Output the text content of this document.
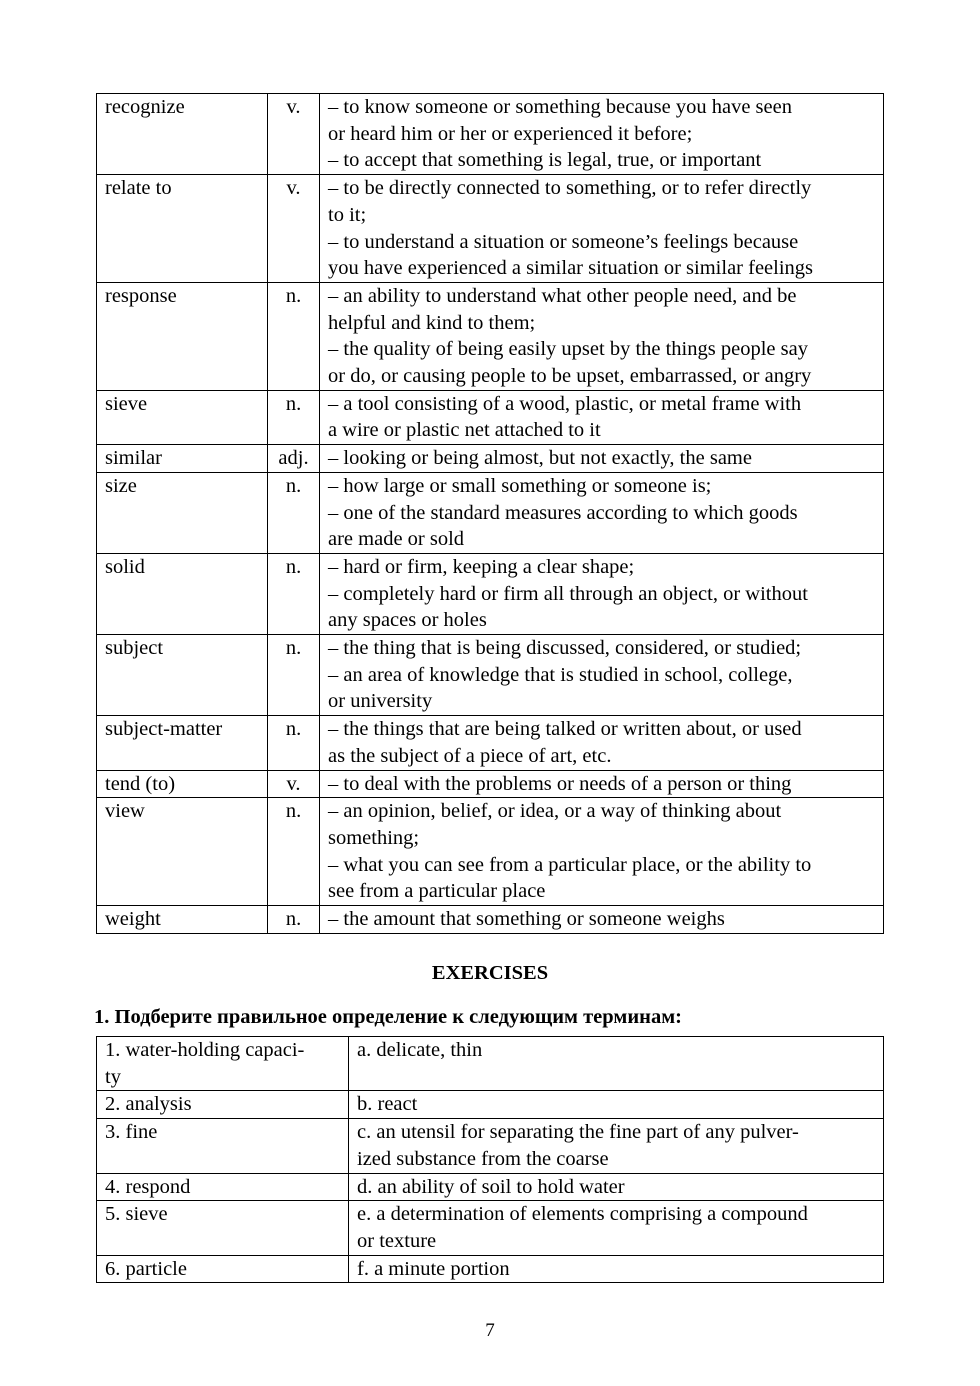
recognize	v.	– to know someone or something because you have seen
or heard him or her or experienced it before;
– to accept that something is legal, true, or important

relate to	v.	– to be directly connected to something, or to refer directly
to it;
– to understand a situation or someone’s feelings because
you have experienced a similar situation or similar feelings

response	n.	– an ability to understand what other people need, and be
helpful and kind to them;
– the quality of being easily upset by the things people say
or do, or causing people to be upset, embarrassed, or angry

sieve	n.	– a tool consisting of a wood, plastic, or metal frame with
a wire or plastic net attached to it

similar	adj.	– looking or being almost, but not exactly, the same

size	n.	– how large or small something or someone is;
– one of the standard measures according to which goods
are made or sold

solid	n.	– hard or firm, keeping a clear shape;
– completely hard or firm all through an object, or without
any spaces or holes

subject	n.	– the thing that is being discussed, considered, or studied;
– an area of knowledge that is studied in school, college,
or university

subject-matter	n.	– the things that are being talked or written about, or used
as the subject of a piece of art, etc.

tend (to)	v.	– to deal with the problems or needs of a person or thing

view	n.	– an opinion, belief, or idea, or a way of thinking about
something;
– what you can see from a particular place, or the ability to
see from a particular place

weight	n.	– the amount that something or someone weighs
EXERCISES
1. Подберите правильное определение к следующим терминам:
1. water-holding capaci-
ty	a. delicate, thin

2. analysis	b. react

3. fine	c. an utensil for separating the fine part of any pulver-
ized substance from the coarse

4. respond	d. an ability of soil to hold water

5. sieve	e. a determination of elements comprising a compound
or texture

6. particle	f. a minute portion
7
